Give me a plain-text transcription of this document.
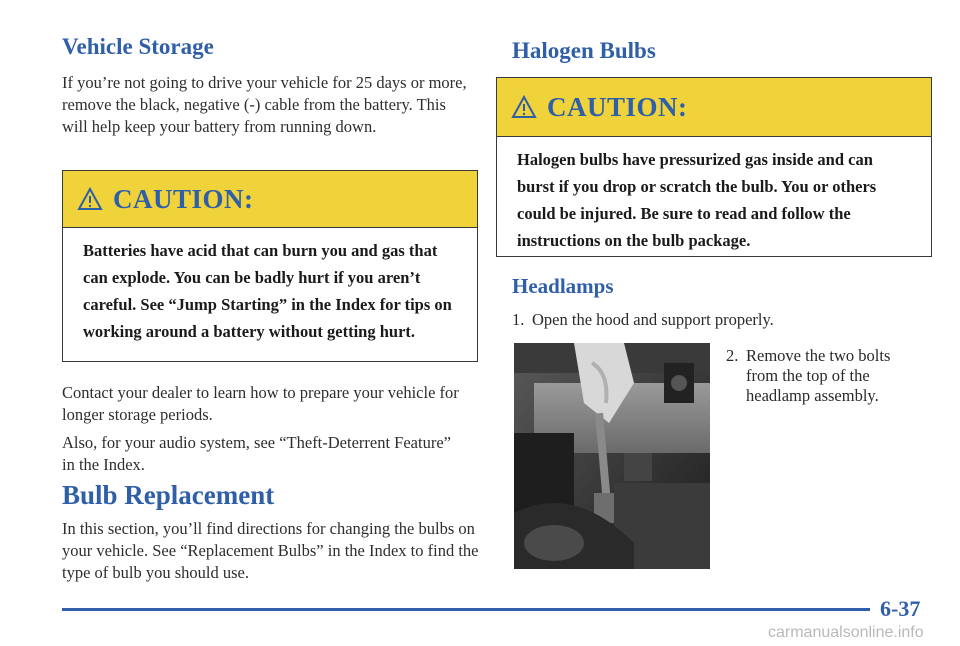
Vehicle Storage

If you’re not going to drive your vehicle for 25 days or more, remove the black, negative (-) cable from the battery. This will help keep your battery from running down.

CAUTION:
Batteries have acid that can burn you and gas that can explode. You can be badly hurt if you aren’t careful. See “Jump Starting” in the Index for tips on working around a battery without getting hurt.

Contact your dealer to learn how to prepare your vehicle for longer storage periods.

Also, for your audio system, see “Theft-Deterrent Feature” in the Index.

Bulb Replacement

In this section, you’ll find directions for changing the bulbs on your vehicle. See “Replacement Bulbs” in the Index to find the type of bulb you should use.

Halogen Bulbs
CAUTION:
Halogen bulbs have pressurized gas inside and can burst if you drop or scratch the bulb. You or others could be injured. Be sure to read and follow the instructions on the bulb package.
Headlamps
1. Open the hood and support properly.
2. Remove the two bolts from the top of the headlamp assembly.
6-37
carmanualsonline.info
